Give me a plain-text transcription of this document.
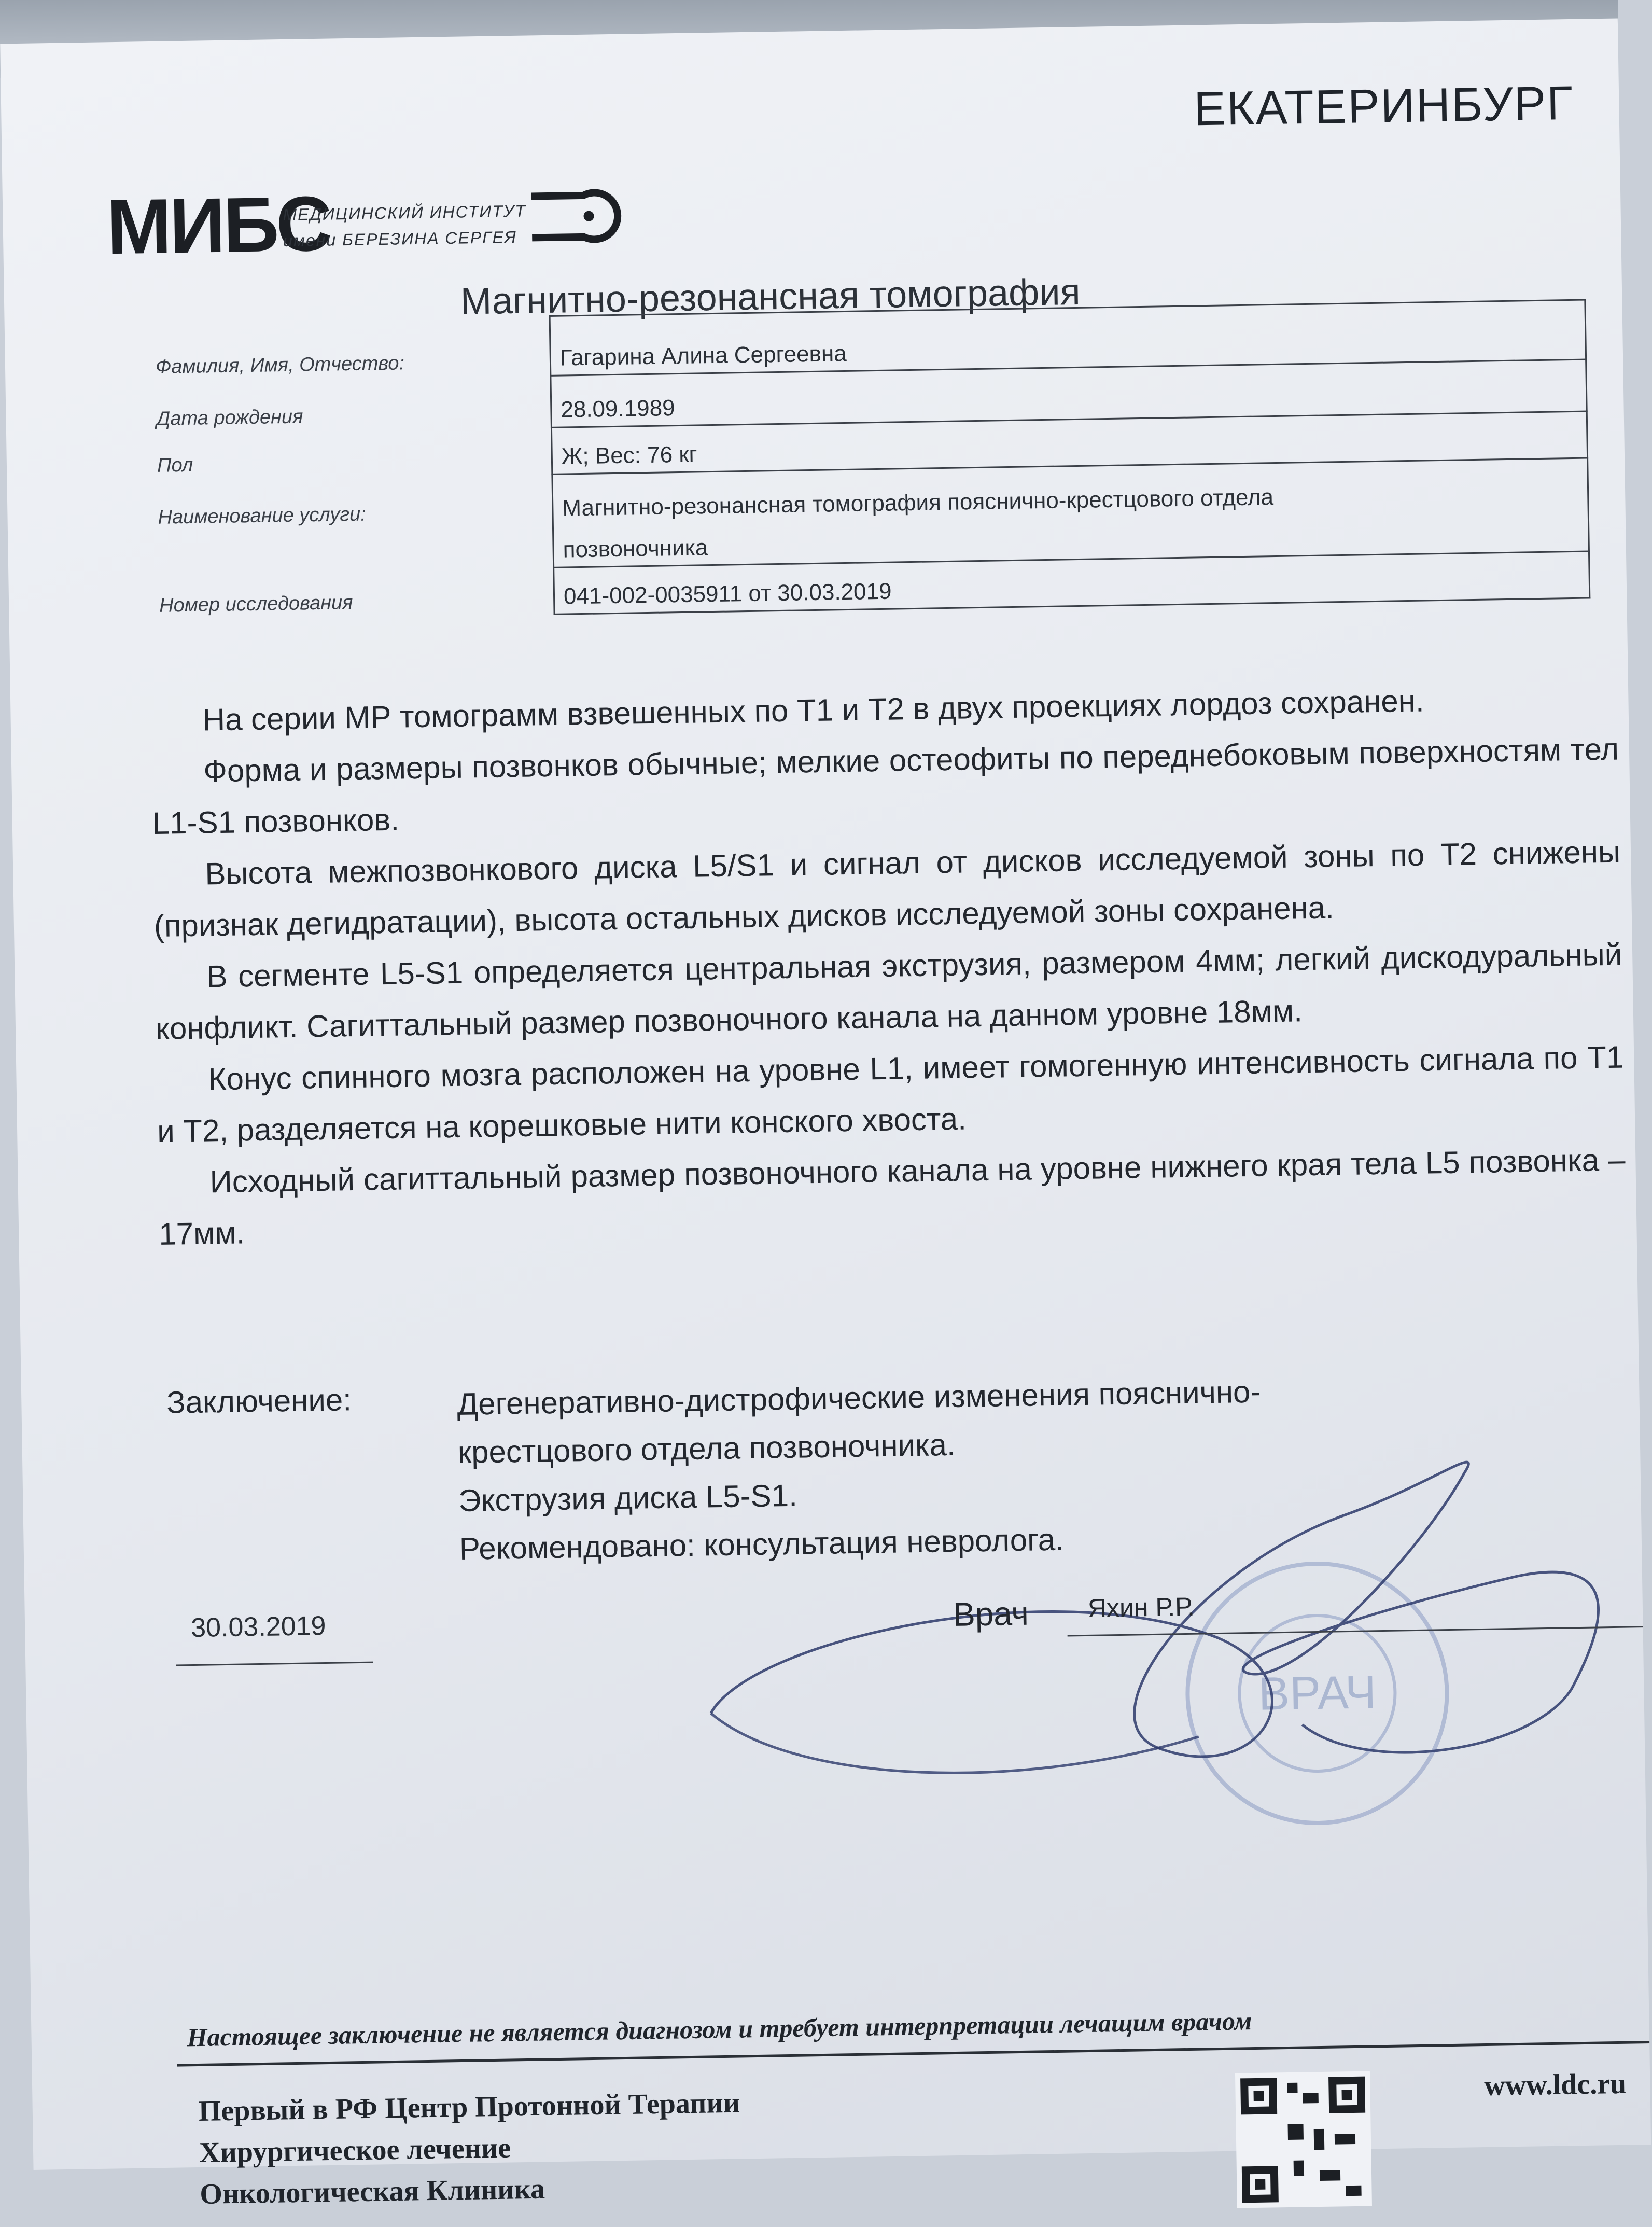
ЕКАТЕРИНБУРГ
МИБС
МЕДИЦИНСКИЙ ИНСТИТУТ
имени БЕРЕЗИНА СЕРГЕЯ
Магнитно-резонансная томография
Фамилия, Имя, Отчество:	Гагарина Алина Сергеевна
Дата рождения	28.09.1989
Пол	Ж; Вес: 76 кг
Наименование услуги:	Магнитно-резонансная томография пояснично-крестцового отдела
позвоночника
Номер исследования	041-002-0035911 от 30.03.2019

На серии МР томограмм взвешенных по Т1 и Т2 в двух проекциях лордоз сохранен.

Форма и размеры позвонков обычные; мелкие остеофиты по переднебоковым поверхностям тел L1-S1 позвонков.

Высота межпозвонкового диска L5/S1 и сигнал от дисков исследуемой зоны по Т2 снижены (признак дегидратации), высота остальных дисков исследуемой зоны сохранена.

В сегменте L5-S1 определяется центральная экструзия, размером 4мм; легкий дискодуральный конфликт. Сагиттальный размер позвоночного канала на данном уровне 18мм.

Конус спинного мозга расположен на уровне L1, имеет гомогенную интенсивность сигнала по Т1 и Т2, разделяется на корешковые нити конского хвоста.

Исходный сагиттальный размер позвоночного канала на уровне нижнего края тела L5 позвонка – 17мм.

Заключение:	Дегенеративно-дистрофические изменения пояснично-
крестцового отдела позвоночника.
Экструзия диска L5-S1.
Рекомендовано: консультация невролога.
ВРАЧ
30.03.2019	Врач Яхин Р.Р.
Настоящее заключение не является диагнозом и требует интерпретации лечащим врачом
Первый в РФ Центр Протонной Терапии
Хирургическое лечение
Онкологическая Клиника
www.ldc.ru
